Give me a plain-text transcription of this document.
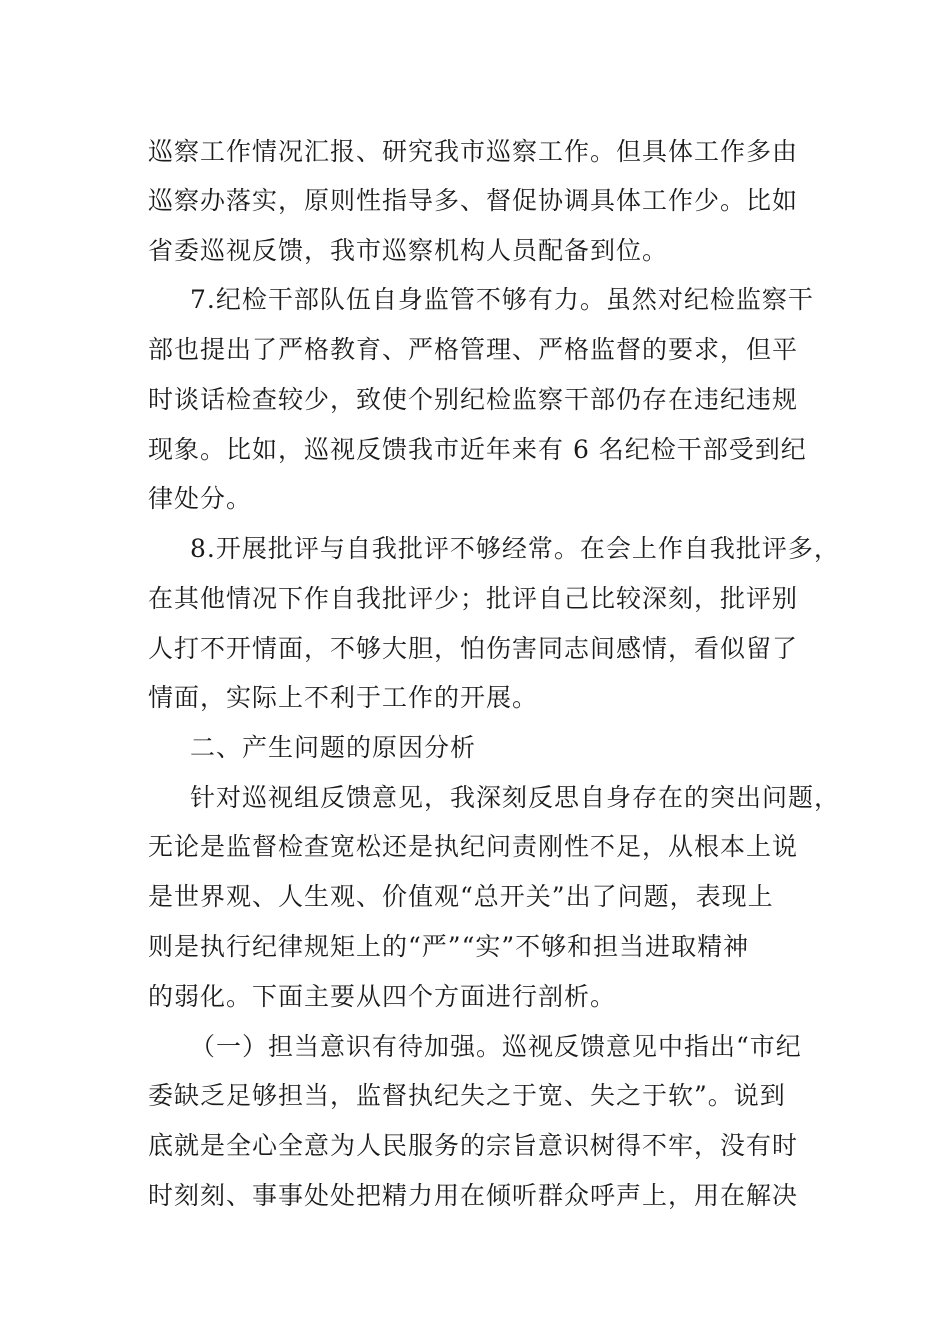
巡察工作情况汇报、研究我市巡察工作。但具体工作多由

巡察办落实，原则性指导多、督促协调具体工作少。比如

省委巡视反馈，我市巡察机构人员配备到位。

7.纪检干部队伍自身监管不够有力。虽然对纪检监察干

部也提出了严格教育、严格管理、严格监督的要求，但平

时谈话检查较少，致使个别纪检监察干部仍存在违纪违规

现象。比如，巡视反馈我市近年来有 6 名纪检干部受到纪

律处分。

8.开展批评与自我批评不够经常。在会上作自我批评多，

在其他情况下作自我批评少；批评自己比较深刻，批评别

人打不开情面，不够大胆，怕伤害同志间感情，看似留了

情面，实际上不利于工作的开展。

二、产生问题的原因分析

针对巡视组反馈意见，我深刻反思自身存在的突出问题，

无论是监督检查宽松还是执纪问责刚性不足，从根本上说

是世界观、人生观、价值观“总开关”出了问题，表现上

则是执行纪律规矩上的“严”“实”不够和担当进取精神

的弱化。下面主要从四个方面进行剖析。

（一）担当意识有待加强。巡视反馈意见中指出“市纪

委缺乏足够担当，监督执纪失之于宽、失之于软”。说到

底就是全心全意为人民服务的宗旨意识树得不牢，没有时

时刻刻、事事处处把精力用在倾听群众呼声上，用在解决
